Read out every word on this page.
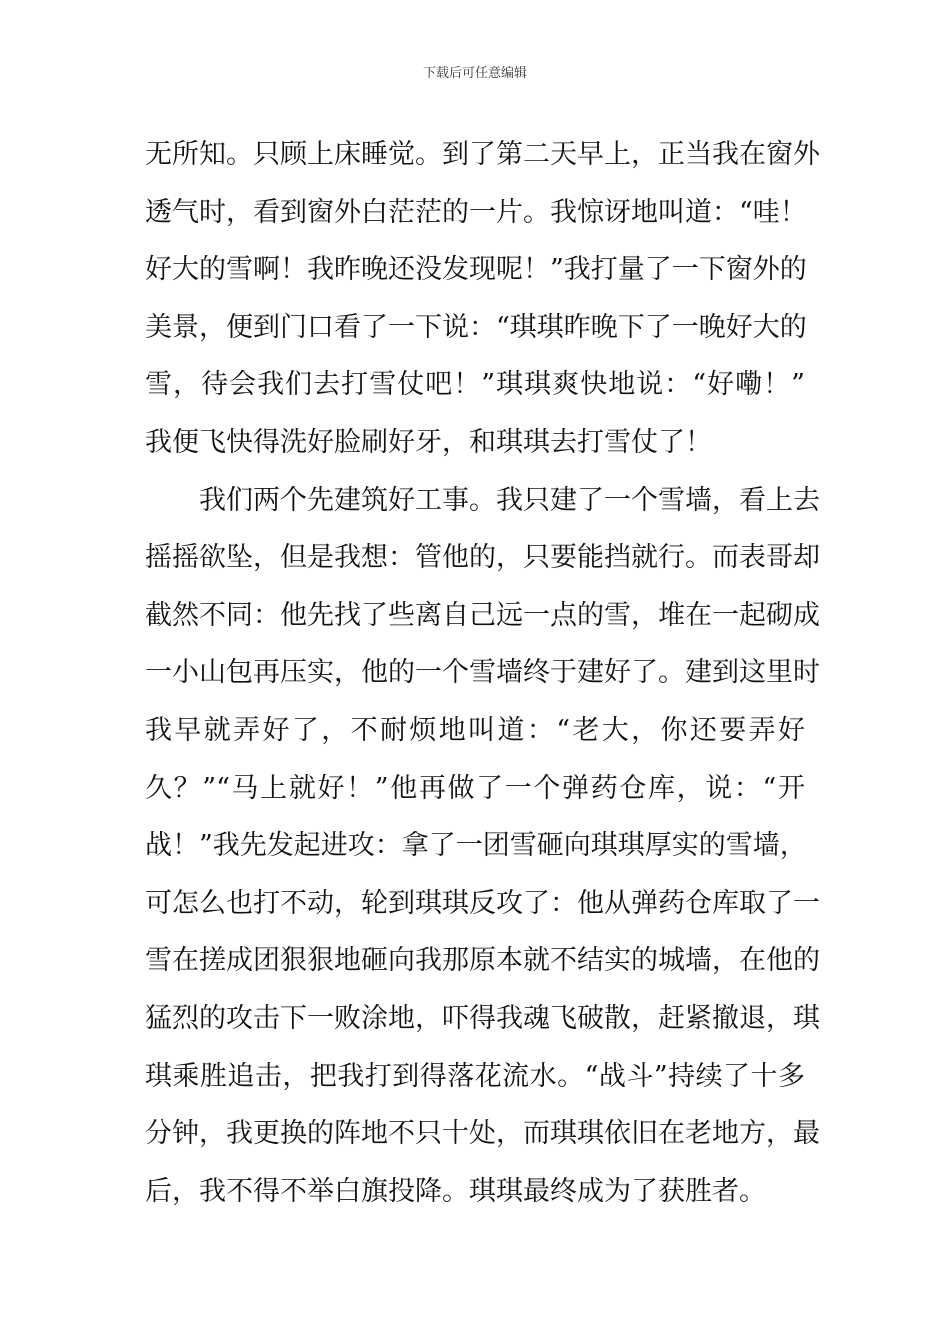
下载后可任意编辑
无所知。只顾上床睡觉。到了第二天早上，正当我在窗外
透气时，看到窗外白茫茫的一片。我惊讶地叫道：“哇！
好大的雪啊！我昨晚还没发现呢！”我打量了一下窗外的
美景，便到门口看了一下说：“琪琪昨晚下了一晚好大的
雪，待会我们去打雪仗吧！”琪琪爽快地说：“好嘞！”
我便飞快得洗好脸刷好牙，和琪琪去打雪仗了！
我们两个先建筑好工事。我只建了一个雪墙，看上去
摇摇欲坠，但是我想：管他的，只要能挡就行。而表哥却
截然不同：他先找了些离自己远一点的雪，堆在一起砌成
一小山包再压实，他的一个雪墙终于建好了。建到这里时
我早就弄好了，不耐烦地叫道：“老大，你还要弄好
久？”“马上就好！”他再做了一个弹药仓库，说：“开
战！”我先发起进攻：拿了一团雪砸向琪琪厚实的雪墙，
可怎么也打不动，轮到琪琪反攻了：他从弹药仓库取了一
雪在搓成团狠狠地砸向我那原本就不结实的城墙，在他的
猛烈的攻击下一败涂地，吓得我魂飞破散，赶紧撤退，琪
琪乘胜追击，把我打到得落花流水。“战斗”持续了十多
分钟，我更换的阵地不只十处，而琪琪依旧在老地方，最
后，我不得不举白旗投降。琪琪最终成为了获胜者。
